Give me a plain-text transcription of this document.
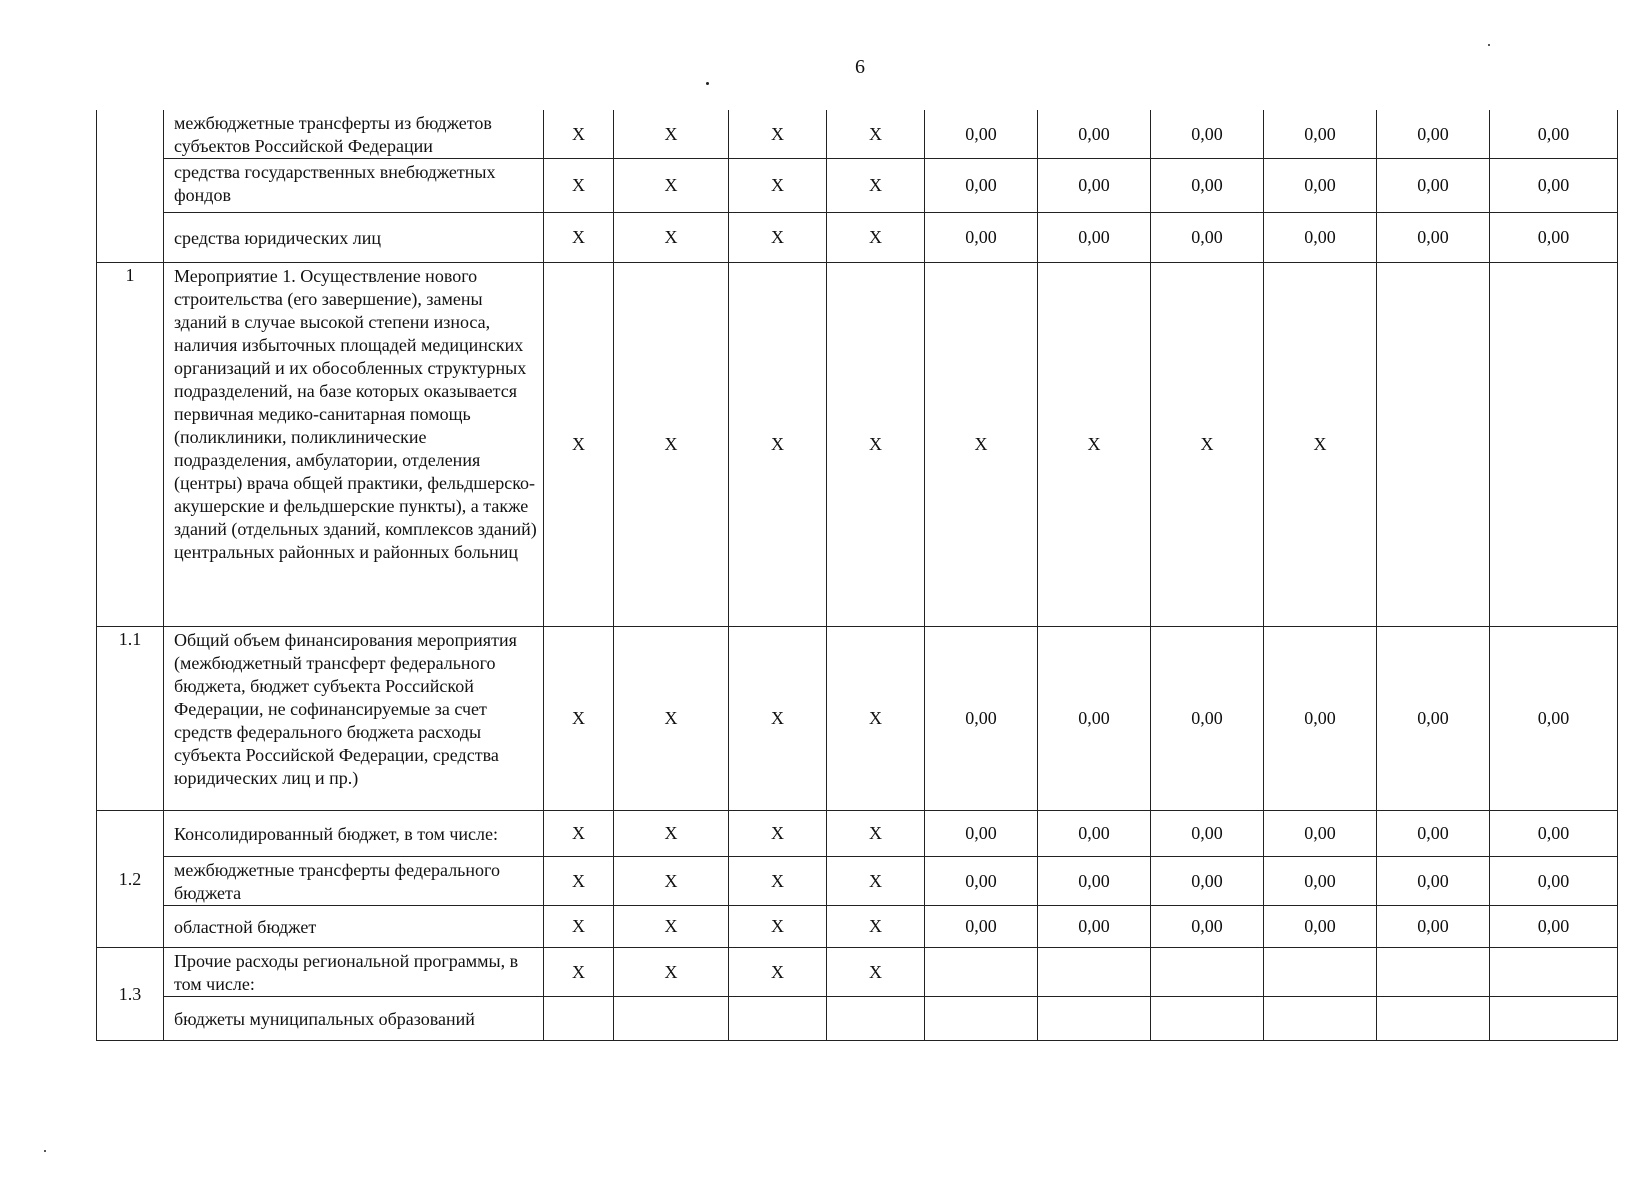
6
	межбюджетные трансферты из бюджетов субъектов Российской Федерации	X	X	X	X	0,00	0,00	0,00	0,00	0,00	0,00
	средства государственных внебюджетных фондов	X	X	X	X	0,00	0,00	0,00	0,00	0,00	0,00
	средства юридических лиц	X	X	X	X	0,00	0,00	0,00	0,00	0,00	0,00
1	Мероприятие 1. Осуществление нового строительства (его завершение), замены зданий в случае высокой степени износа, наличия избыточных площадей медицинских организаций и их обособленных структурных подразделений, на базе которых оказывается первичная медико-санитарная помощь (поликлиники, поликлинические подразделения, амбулатории, отделения (центры) врача общей практики, фельдшерско-акушерские и фельдшерские пункты), а также зданий (отдельных зданий, комплексов зданий) центральных районных и районных больниц	X	X	X	X	X	X	X	X		
1.1	Общий объем финансирования мероприятия (межбюджетный трансферт федерального бюджета, бюджет субъекта Российской Федерации, не софинансируемые за счет средств федерального бюджета расходы субъекта Российской Федерации, средства юридических лиц и пр.)	X	X	X	X	0,00	0,00	0,00	0,00	0,00	0,00
1.2	Консолидированный бюджет, в том числе:	X	X	X	X	0,00	0,00	0,00	0,00	0,00	0,00
	межбюджетные трансферты федерального бюджета	X	X	X	X	0,00	0,00	0,00	0,00	0,00	0,00
	областной бюджет	X	X	X	X	0,00	0,00	0,00	0,00	0,00	0,00
1.3	Прочие расходы региональной программы, в том числе:	X	X	X	X						
	бюджеты муниципальных образований										
